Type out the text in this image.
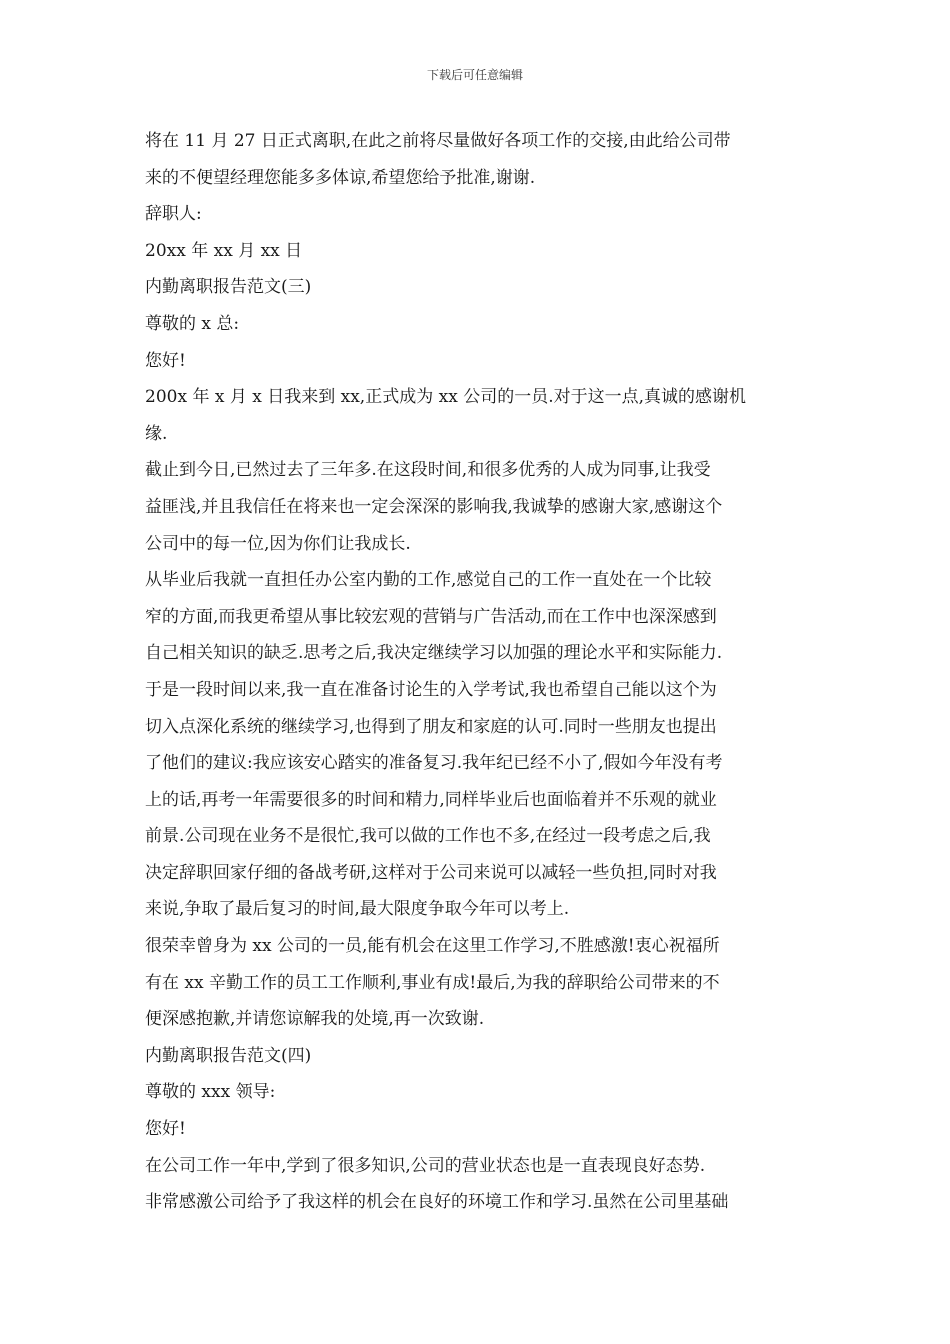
下载后可任意编辑
将在 11 月 27 日正式离职,在此之前将尽量做好各项工作的交接,由此给公司带
来的不便望经理您能多多体谅,希望您给予批准,谢谢.
辞职人:
20xx 年 xx 月 xx 日
内勤离职报告范文(三)
尊敬的 x 总:
您好!
200x 年 x 月 x 日我来到 xx,正式成为 xx 公司的一员.对于这一点,真诚的感谢机
缘.
截止到今日,已然过去了三年多.在这段时间,和很多优秀的人成为同事,让我受
益匪浅,并且我信任在将来也一定会深深的影响我,我诚挚的感谢大家,感谢这个
公司中的每一位,因为你们让我成长.
从毕业后我就一直担任办公室内勤的工作,感觉自己的工作一直处在一个比较
窄的方面,而我更希望从事比较宏观的营销与广告活动,而在工作中也深深感到
自己相关知识的缺乏.思考之后,我决定继续学习以加强的理论水平和实际能力.
于是一段时间以来,我一直在准备讨论生的入学考试,我也希望自己能以这个为
切入点深化系统的继续学习,也得到了朋友和家庭的认可.同时一些朋友也提出
了他们的建议:我应该安心踏实的准备复习.我年纪已经不小了,假如今年没有考
上的话,再考一年需要很多的时间和精力,同样毕业后也面临着并不乐观的就业
前景.公司现在业务不是很忙,我可以做的工作也不多,在经过一段考虑之后,我
决定辞职回家仔细的备战考研,这样对于公司来说可以减轻一些负担,同时对我
来说,争取了最后复习的时间,最大限度争取今年可以考上.
很荣幸曾身为 xx 公司的一员,能有机会在这里工作学习,不胜感激!衷心祝福所
有在 xx 辛勤工作的员工工作顺利,事业有成!最后,为我的辞职给公司带来的不
便深感抱歉,并请您谅解我的处境,再一次致谢.
内勤离职报告范文(四)
尊敬的 xxx 领导:
您好!
在公司工作一年中,学到了很多知识,公司的营业状态也是一直表现良好态势.
非常感激公司给予了我这样的机会在良好的环境工作和学习.虽然在公司里基础
